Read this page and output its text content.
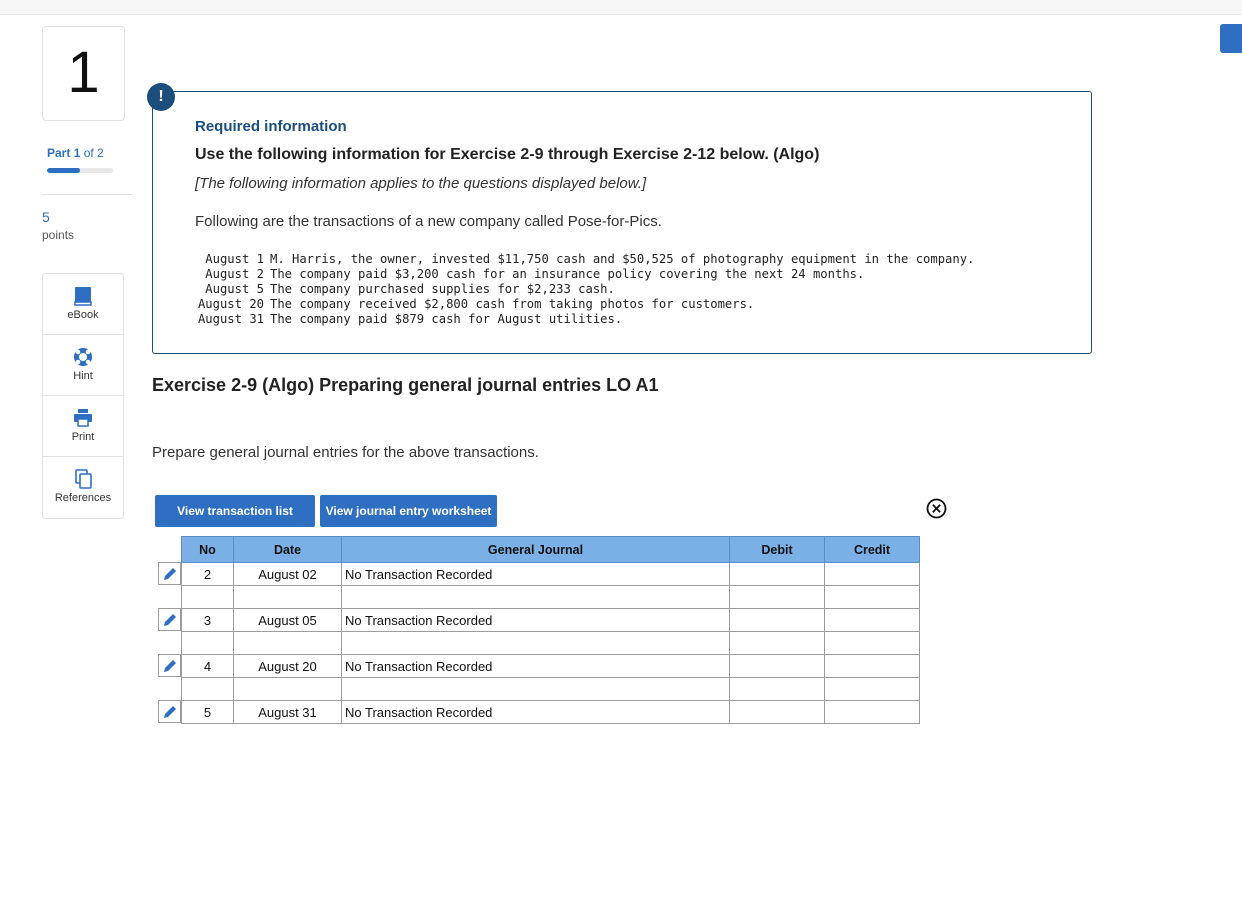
1
Part 1 of 2
5
points
eBook
Hint
Print
References
!
Required information
Use the following information for Exercise 2-9 through Exercise 2-12 below. (Algo)
[The following information applies to the questions displayed below.]
Following are the transactions of a new company called Pose-for-Pics.
August 1 M. Harris, the owner, invested $11,750 cash and $50,525 of photography equipment in the company.
August 2 The company paid $3,200 cash for an insurance policy covering the next 24 months.
August 5 The company purchased supplies for $2,233 cash.
August 20 The company received $2,800 cash from taking photos for customers.
August 31 The company paid $879 cash for August utilities.
Exercise 2-9 (Algo) Preparing general journal entries LO A1
Prepare general journal entries for the above transactions.
View transaction list	View journal entry worksheet
No	Date	General Journal	Debit	Credit
2	August 02	No Transaction Recorded		

3	August 05	No Transaction Recorded		

4	August 20	No Transaction Recorded		

5	August 31	No Transaction Recorded		
